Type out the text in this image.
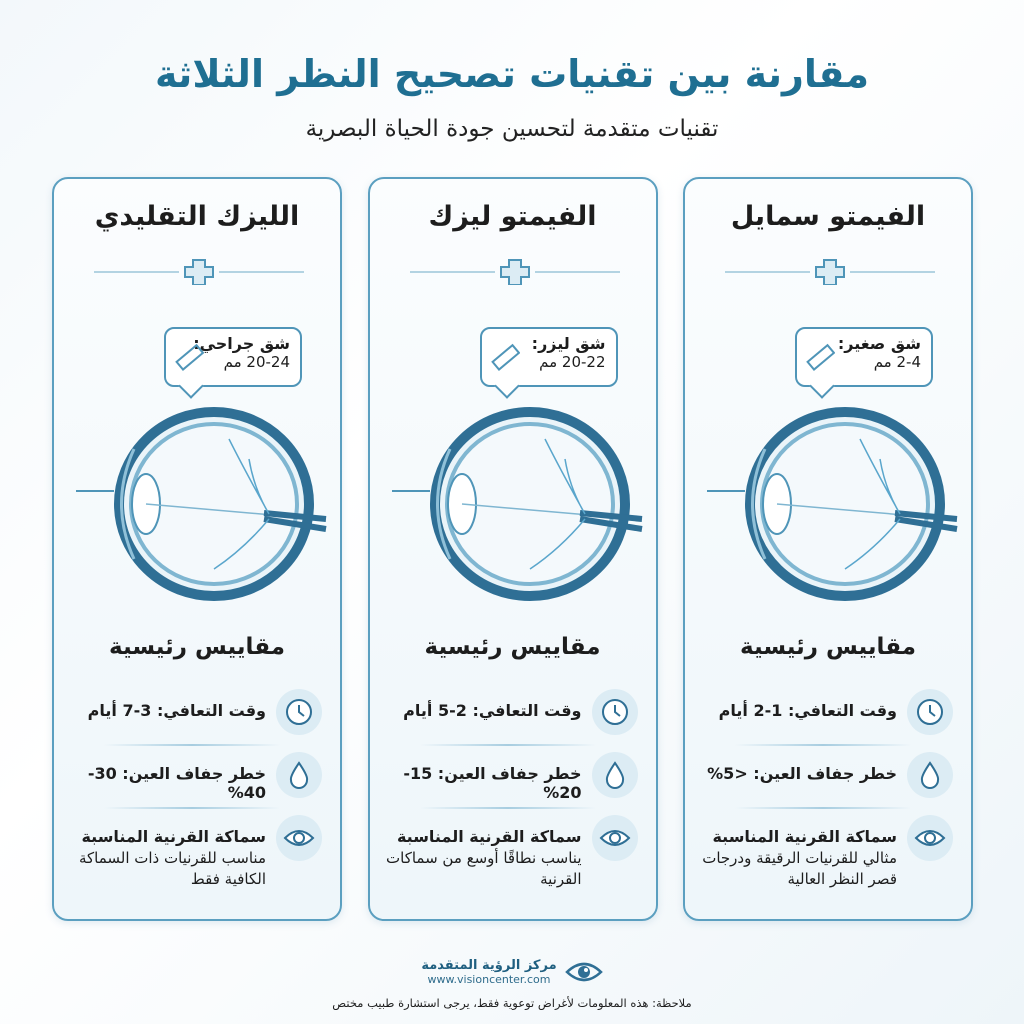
مقارنة بين تقنيات تصحيح النظر الثلاثة
تقنيات متقدمة لتحسين جودة الحياة البصرية
الفيمتو سمايل
شق صغير:
2-4 مم
مقاييس رئيسية
وقت التعافي: 1-2 أيام
خطر جفاف العين: <5%
سماكة القرنية المناسبة
مثالي للقرنيات الرقيقة ودرجات قصر النظر العالية
الفيمتو ليزك
شق ليزر:
20-22 مم
مقاييس رئيسية
وقت التعافي: 2-5 أيام
خطر جفاف العين: 15-20%
سماكة القرنية المناسبة
يناسب نطاقًا أوسع من سماكات القرنية
الليزك التقليدي
شق جراحي:
20-24 مم
مقاييس رئيسية
وقت التعافي: 3-7 أيام
خطر جفاف العين: 30-40%
سماكة القرنية المناسبة
مناسب للقرنيات ذات السماكة الكافية فقط
مركز الرؤية المتقدمة
www.visioncenter.com
ملاحظة: هذه المعلومات لأغراض توعوية فقط، يرجى استشارة طبيب مختص
